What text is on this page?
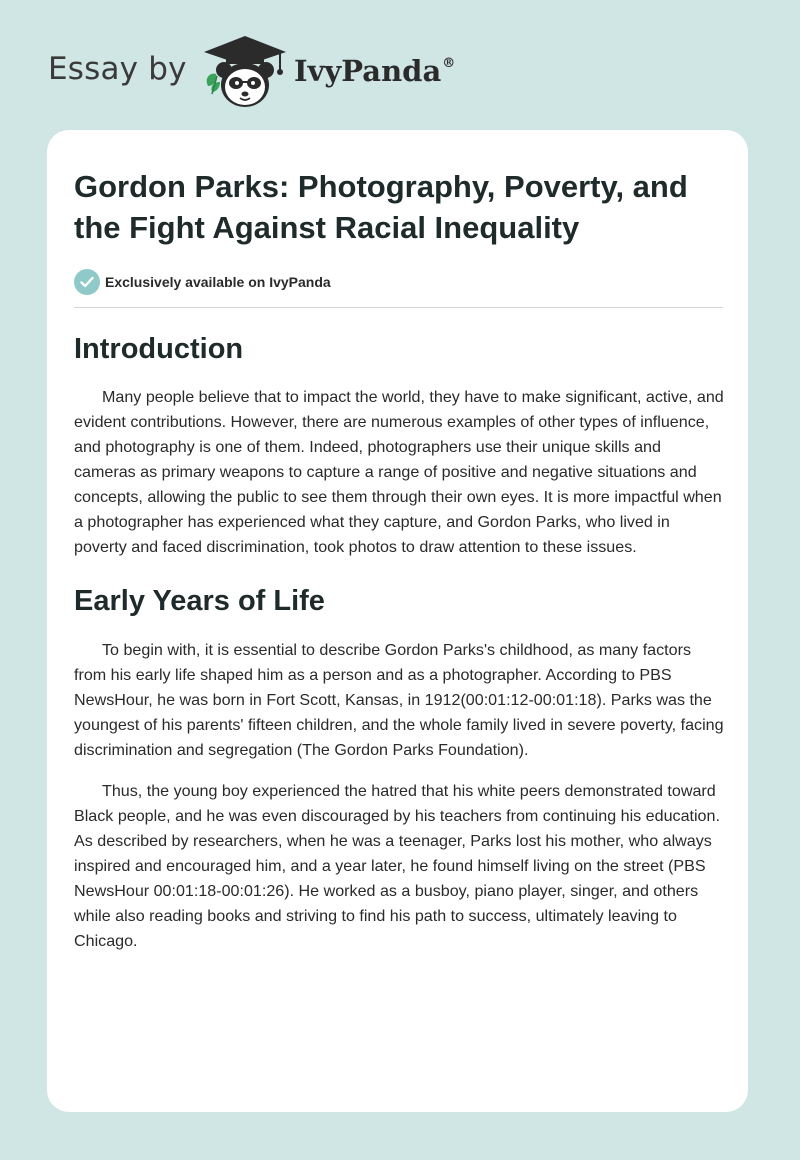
Essay by	IvyPanda®
Gordon Parks: Photography, Poverty, and the Fight Against Racial Inequality
Exclusively available on IvyPanda
Introduction

Many people believe that to impact the world, they have to make significant, active, and evident contributions. However, there are numerous examples of other types of influence, and photography is one of them. Indeed, photographers use their unique skills and cameras as primary weapons to capture a range of positive and negative situations and concepts, allowing the public to see them through their own eyes. It is more impactful when a photographer has experienced what they capture, and Gordon Parks, who lived in poverty and faced discrimination, took photos to draw attention to these issues.

Early Years of Life

To begin with, it is essential to describe Gordon Parks's childhood, as many factors from his early life shaped him as a person and as a photographer. According to PBS NewsHour, he was born in Fort Scott, Kansas, in 1912(00:01:12-00:01:18). Parks was the youngest of his parents' fifteen children, and the whole family lived in severe poverty, facing discrimination and segregation (The Gordon Parks Foundation).

Thus, the young boy experienced the hatred that his white peers demonstrated toward Black people, and he was even discouraged by his teachers from continuing his education. As described by researchers, when he was a teenager, Parks lost his mother, who always inspired and encouraged him, and a year later, he found himself living on the street (PBS NewsHour 00:01:18-00:01:26). He worked as a busboy, piano player, singer, and others while also reading books and striving to find his path to success, ultimately leaving to Chicago.
